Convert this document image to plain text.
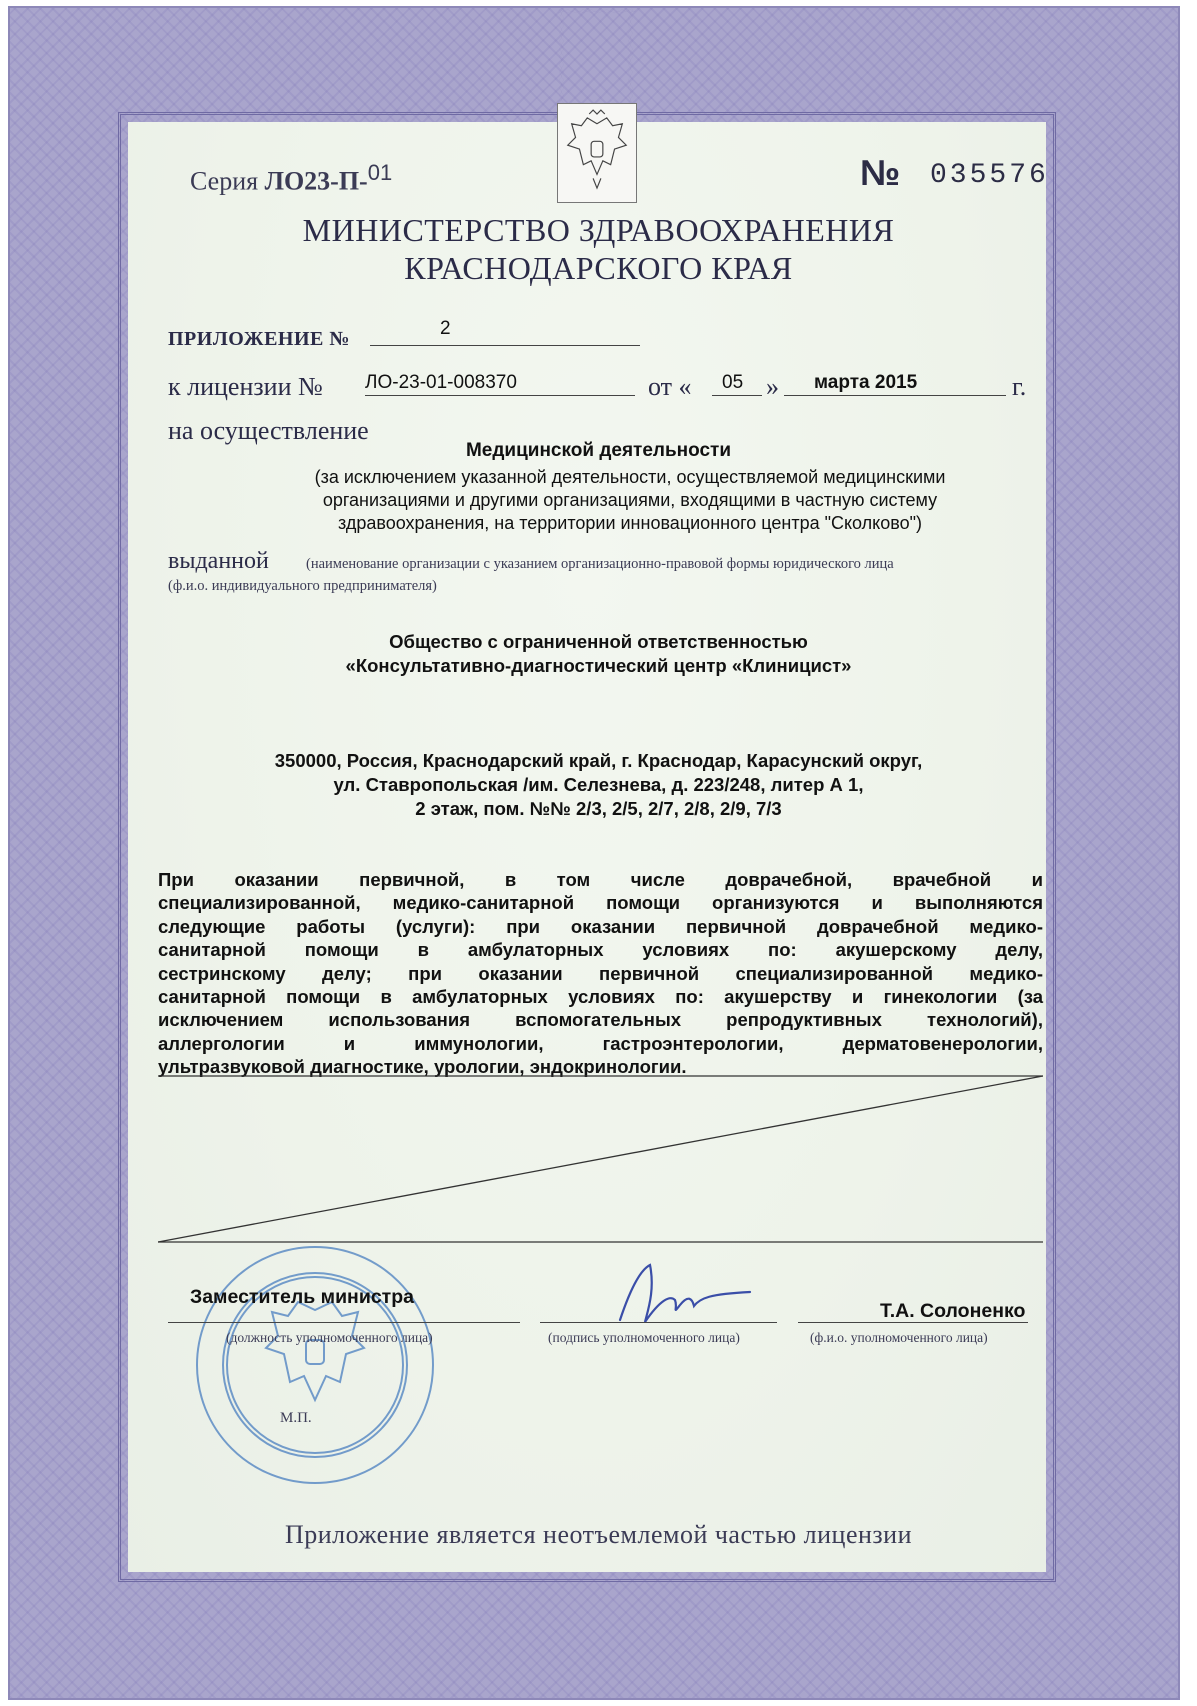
Серия ЛО23-П-$^{01}$	№ 035576
МИНИСТЕРСТВО ЗДРАВООХРАНЕНИЯ
КРАСНОДАРСКОГО КРАЯ
ПРИЛОЖЕНИЕ №	2
к лицензии № ЛО-23-01-008370	от « 05 » марта 2015	г.
на осуществление
Медицинской деятельности
(за исключением указанной деятельности, осуществляемой медицинскими
организациями и другими организациями, входящими в частную систему
здравоохранения, на территории инновационного центра "Сколково")
выданной	(наименование организации с указанием организационно-правовой формы юридического лица
(ф.и.о. индивидуального предпринимателя)
Общество с ограниченной ответственностью
«Консультативно-диагностический центр «Клиницист»
350000, Россия, Краснодарский край, г. Краснодар, Карасунский округ,
ул. Ставропольская /им. Селезнева, д. 223/248, литер А 1,
2 этаж, пом. №№ 2/3, 2/5, 2/7, 2/8, 2/9, 7/3
При оказании первичной, в том числе доврачебной, врачебной и
специализированной, медико-санитарной помощи организуются и выполняются
следующие работы (услуги): при оказании первичной доврачебной медико-
санитарной помощи в амбулаторных условиях по: акушерскому делу,
сестринскому делу; при оказании первичной специализированной медико-
санитарной помощи в амбулаторных условиях по: акушерству и гинекологии (за
исключением использования вспомогательных репродуктивных технологий),
аллергологии и иммунологии, гастроэнтерологии, дерматовенерологии,
ультразвуковой диагностике, урологии, эндокринологии.
Заместитель министра
(должность уполномоченного лица)	(подпись уполномоченного лица)
Т.А. Солоненко
(ф.и.о. уполномоченного лица)
М.П.
Приложение является неотъемлемой частью лицензии
